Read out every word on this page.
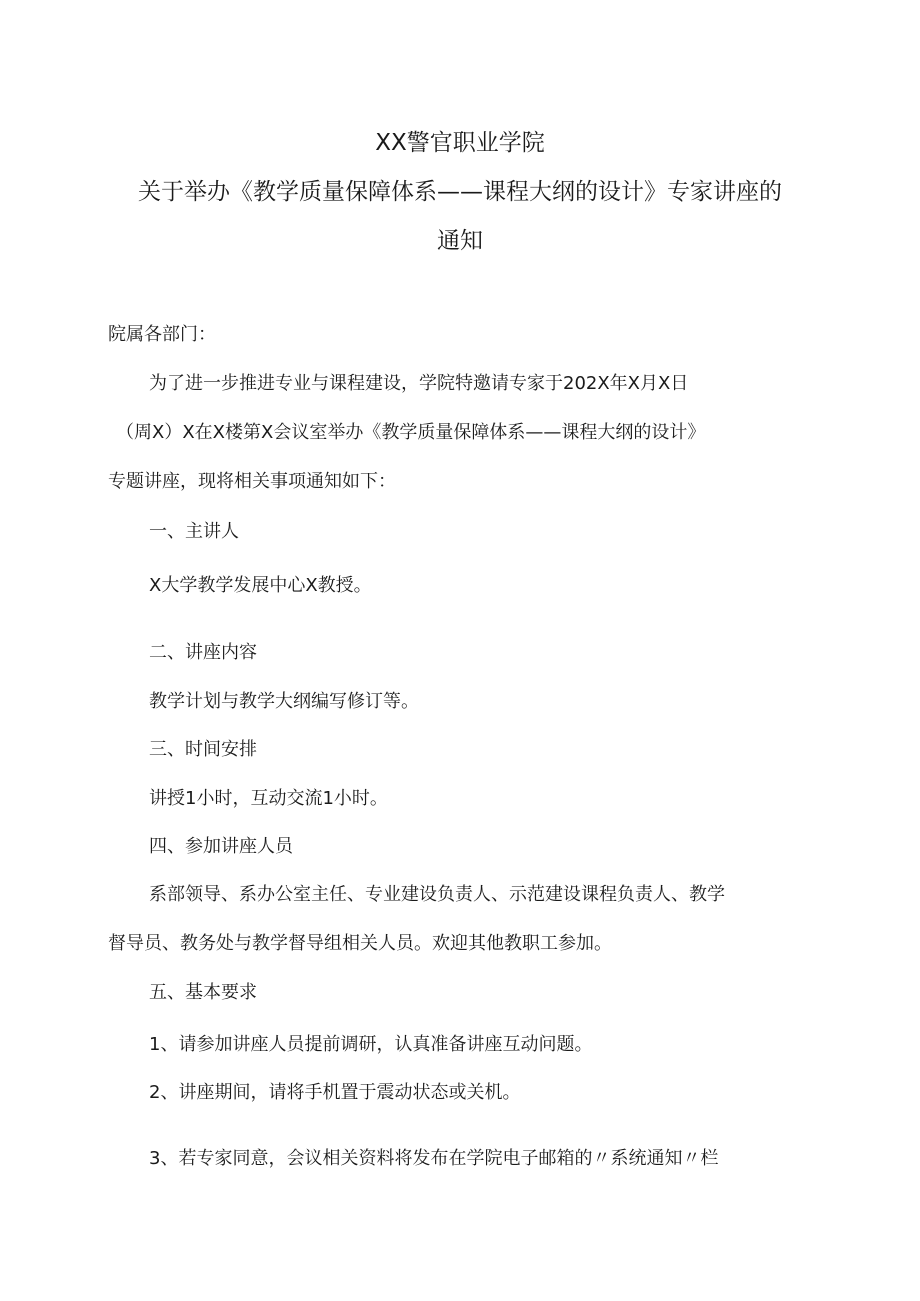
XX警官职业学院
关于举办《教学质量保障体系——课程大纲的设计》专家讲座的
通知
院属各部门：
为了进一步推进专业与课程建设，学院特邀请专家于202X年X月X日
（周X）X在X楼第X会议室举办《教学质量保障体系——课程大纲的设计》
专题讲座，现将相关事项通知如下：
一、主讲人
X大学教学发展中心X教授。
二、讲座内容
教学计划与教学大纲编写修订等。
三、时间安排
讲授1小时，互动交流1小时。
四、参加讲座人员
系部领导、系办公室主任、专业建设负责人、示范建设课程负责人、教学
督导员、教务处与教学督导组相关人员。欢迎其他教职工参加。
五、基本要求
1、请参加讲座人员提前调研，认真准备讲座互动问题。
2、讲座期间，请将手机置于震动状态或关机。
3、若专家同意，会议相关资料将发布在学院电子邮箱的〃系统通知〃栏
